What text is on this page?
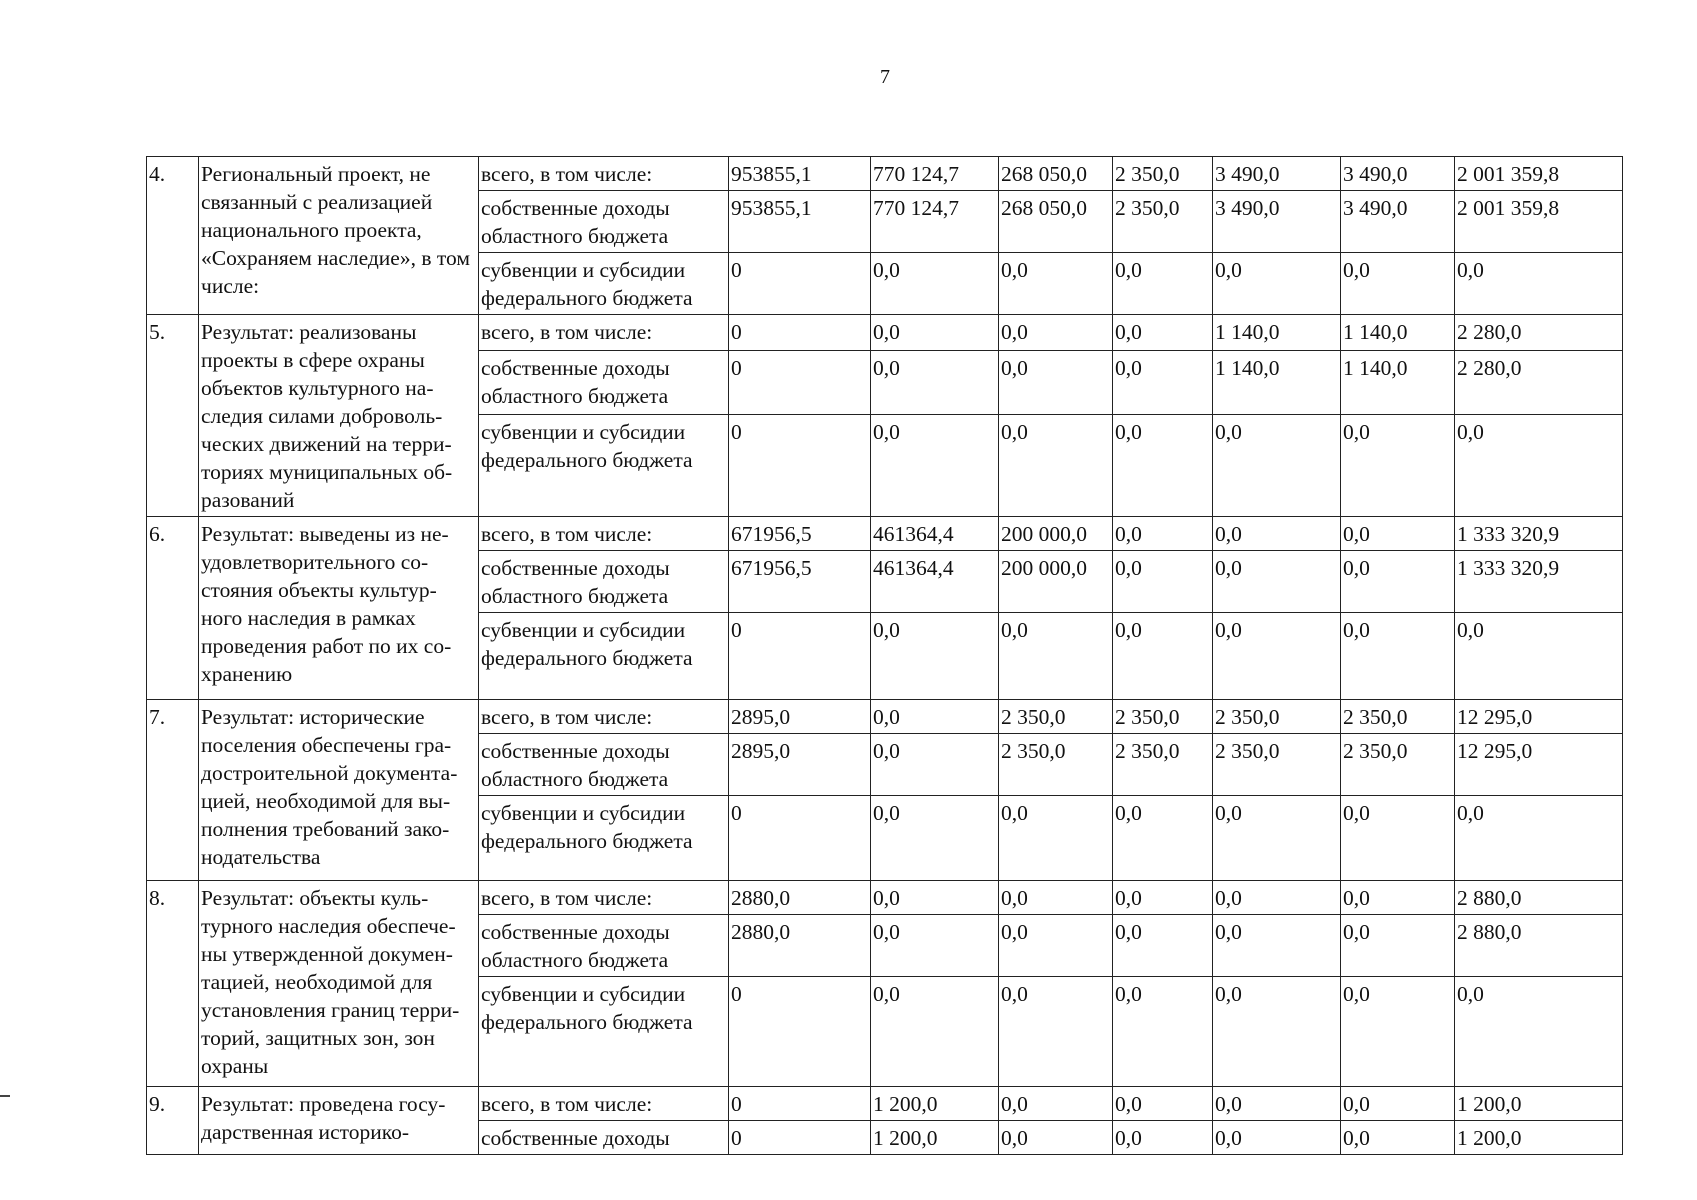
7
4.	Региональный проект, не связанный с реализацией национального проекта, «Сохраняем наследие», в том числе:	всего, в том числе:	953855,1	770 124,7	268 050,0	2 350,0	3 490,0	3 490,0	2 001 359,8
		собственные доходы областного бюджета	953855,1	770 124,7	268 050,0	2 350,0	3 490,0	3 490,0	2 001 359,8
		субвенции и субсидии федерального бюджета	0	0,0	0,0	0,0	0,0	0,0	0,0
5.	Результат: реализованы проекты в сфере охраны объектов культурного на- следия силами доброволь- ческих движений на терри- ториях муниципальных об- разований	всего, в том числе:	0	0,0	0,0	0,0	1 140,0	1 140,0	2 280,0
		собственные доходы областного бюджета	0	0,0	0,0	0,0	1 140,0	1 140,0	2 280,0
		субвенции и субсидии федерального бюджета	0	0,0	0,0	0,0	0,0	0,0	0,0
6.	Результат: выведены из не- удовлетворительного со- стояния объекты культур- ного наследия в рамках проведения работ по их со- хранению	всего, в том числе:	671956,5	461364,4	200 000,0	0,0	0,0	0,0	1 333 320,9
		собственные доходы областного бюджета	671956,5	461364,4	200 000,0	0,0	0,0	0,0	1 333 320,9
		субвенции и субсидии федерального бюджета	0	0,0	0,0	0,0	0,0	0,0	0,0
7.	Результат: исторические поселения обеспечены гра- достроительной документа- цией, необходимой для вы- полнения требований зако- нодательства	всего, в том числе:	2895,0	0,0	2 350,0	2 350,0	2 350,0	2 350,0	12 295,0
		собственные доходы областного бюджета	2895,0	0,0	2 350,0	2 350,0	2 350,0	2 350,0	12 295,0
		субвенции и субсидии федерального бюджета	0	0,0	0,0	0,0	0,0	0,0	0,0
8.	Результат: объекты куль- турного наследия обеспече- ны утвержденной докумен- тацией, необходимой для установления границ терри- торий, защитных зон, зон охраны	всего, в том числе:	2880,0	0,0	0,0	0,0	0,0	0,0	2 880,0
		собственные доходы областного бюджета	2880,0	0,0	0,0	0,0	0,0	0,0	2 880,0
		субвенции и субсидии федерального бюджета	0	0,0	0,0	0,0	0,0	0,0	0,0
9.	Результат: проведена госу- дарственная историко-	всего, в том числе:	0	1 200,0	0,0	0,0	0,0	0,0	1 200,0
		собственные доходы	0	1 200,0	0,0	0,0	0,0	0,0	1 200,0
